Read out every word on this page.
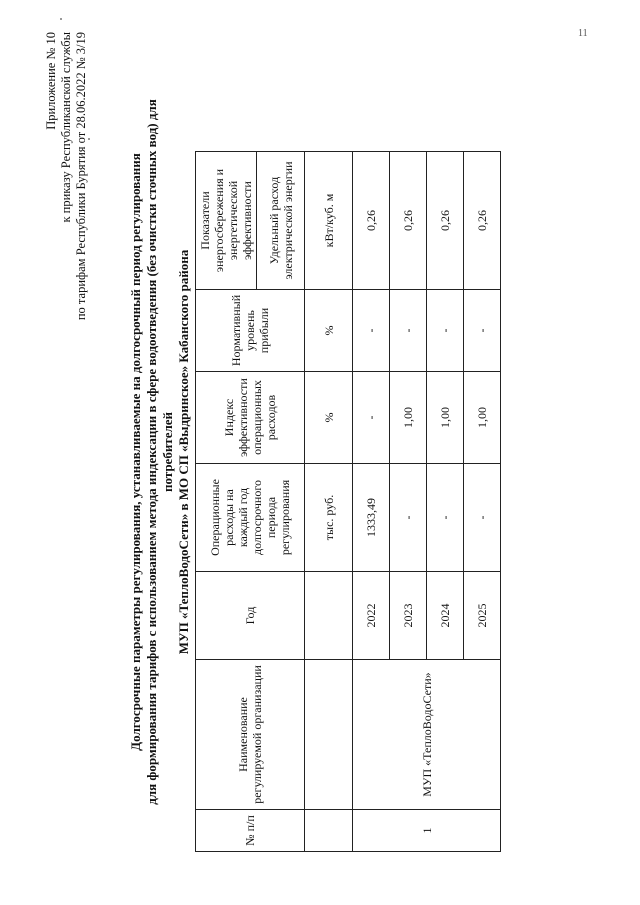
11
Приложение № 10 к приказу Республиканской службы по тарифам Республики Бурятия от 28.06.2022 № 3/19	Долгосрочные параметры регулирования, устанавливаемые на долгосрочный период регулирования для формирования тарифов с использованием метода индексации в сфере водоотведения (без очистки сточных вод) для потребителей МУП «ТеплоВодоСети» в МО СП «Выдринское» Кабанского района
№ п/п	Наименование регулируемой организации	Год	Операционные расходы на каждый год долгосрочного периода регулирования	Индекс эффективности операционных расходов	Нормативный уровень прибыли	Показатели энергосбережения и энергетической эффективности
						Удельный расход электрической энергии
			тыс. руб.	%	%	кВт/куб. м
1	МУП «ТеплоВодоСети»	2022	1333,49	-	-	0,26
		2023	-	1,00	-	0,26
		2024	-	1,00	-	0,26
		2025	-	1,00	-	0,26
